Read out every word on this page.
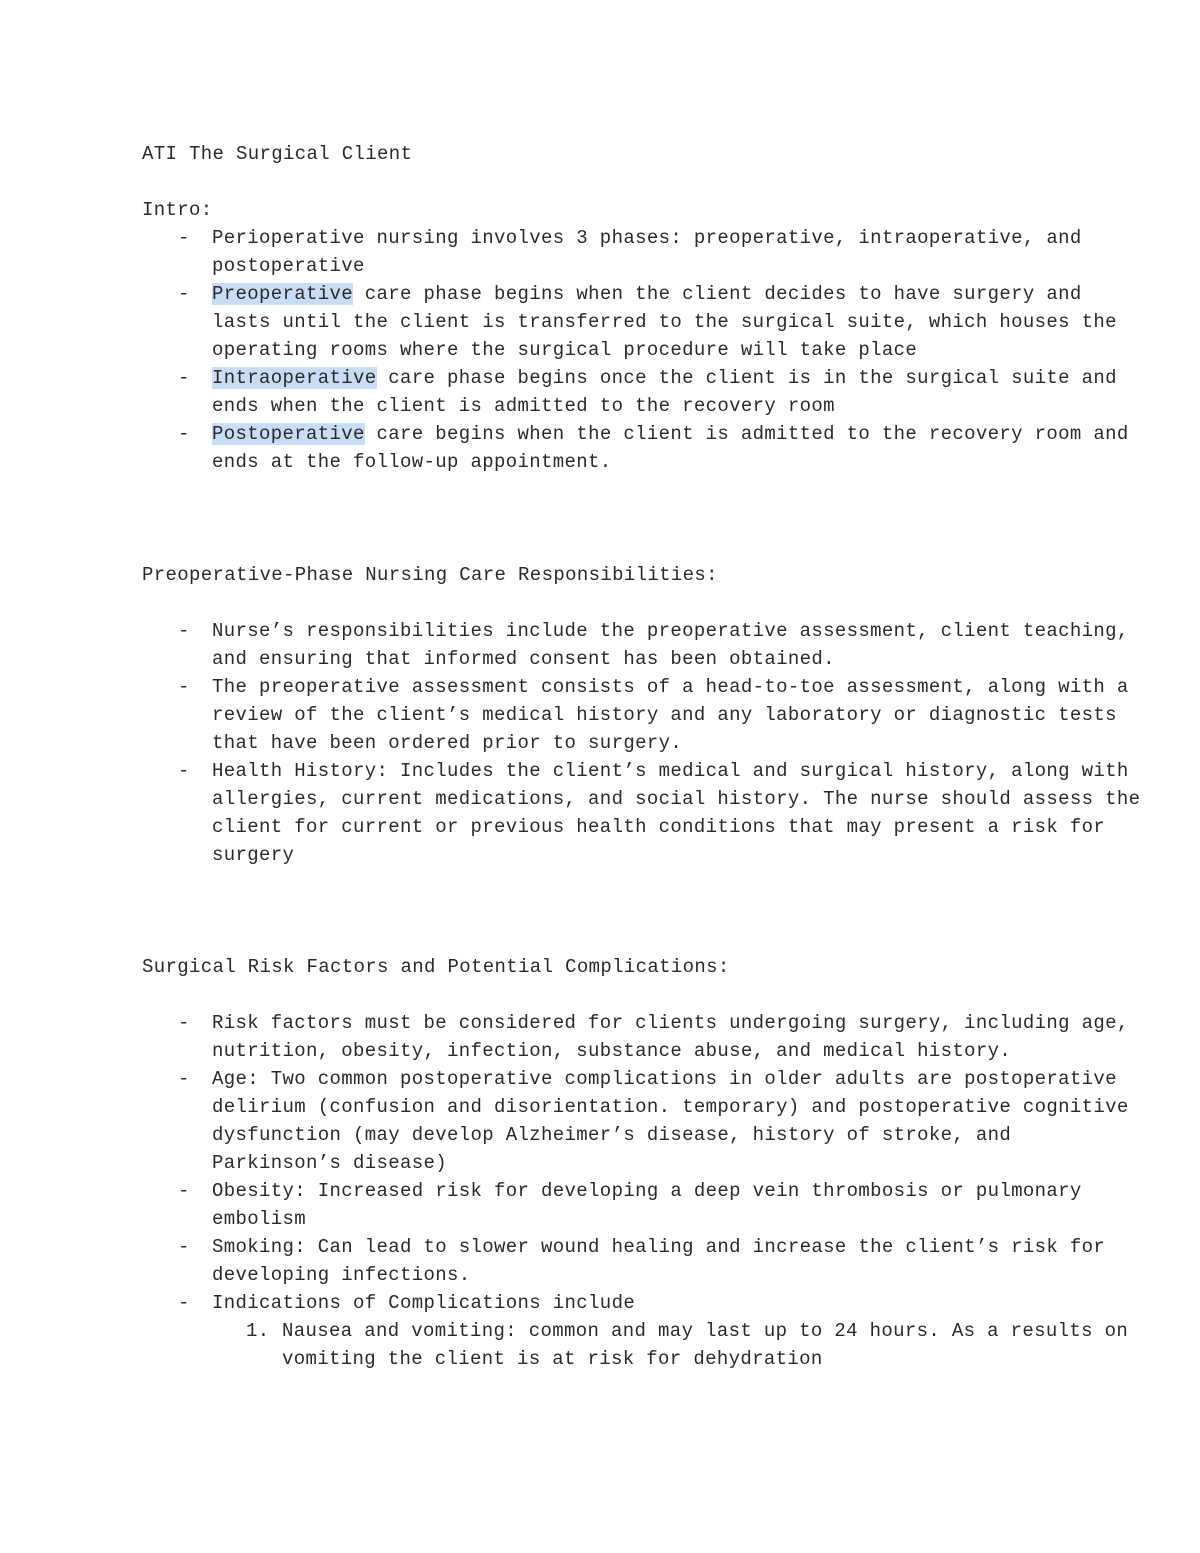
ATI The Surgical Client
Intro:
- Perioperative nursing involves 3 phases: preoperative, intraoperative, and postoperative
- Preoperative care phase begins when the client decides to have surgery and lasts until the client is transferred to the surgical suite, which houses the operating rooms where the surgical procedure will take place
- Intraoperative care phase begins once the client is in the surgical suite and ends when the client is admitted to the recovery room
- Postoperative care begins when the client is admitted to the recovery room and ends at the follow-up appointment.
Preoperative-Phase Nursing Care Responsibilities:
- Nurse’s responsibilities include the preoperative assessment, client teaching, and ensuring that informed consent has been obtained.
- The preoperative assessment consists of a head-to-toe assessment, along with a review of the client’s medical history and any laboratory or diagnostic tests that have been ordered prior to surgery.
- Health History: Includes the client’s medical and surgical history, along with allergies, current medications, and social history. The nurse should assess the client for current or previous health conditions that may present a risk for surgery
Surgical Risk Factors and Potential Complications:
- Risk factors must be considered for clients undergoing surgery, including age, nutrition, obesity, infection, substance abuse, and medical history.
- Age: Two common postoperative complications in older adults are postoperative delirium (confusion and disorientation. temporary) and postoperative cognitive dysfunction (may develop Alzheimer’s disease, history of stroke, and Parkinson’s disease)
- Obesity: Increased risk for developing a deep vein thrombosis or pulmonary embolism
- Smoking: Can lead to slower wound healing and increase the client’s risk for developing infections.
- Indications of Complications include
1. Nausea and vomiting: common and may last up to 24 hours. As a results on vomiting the client is at risk for dehydration
